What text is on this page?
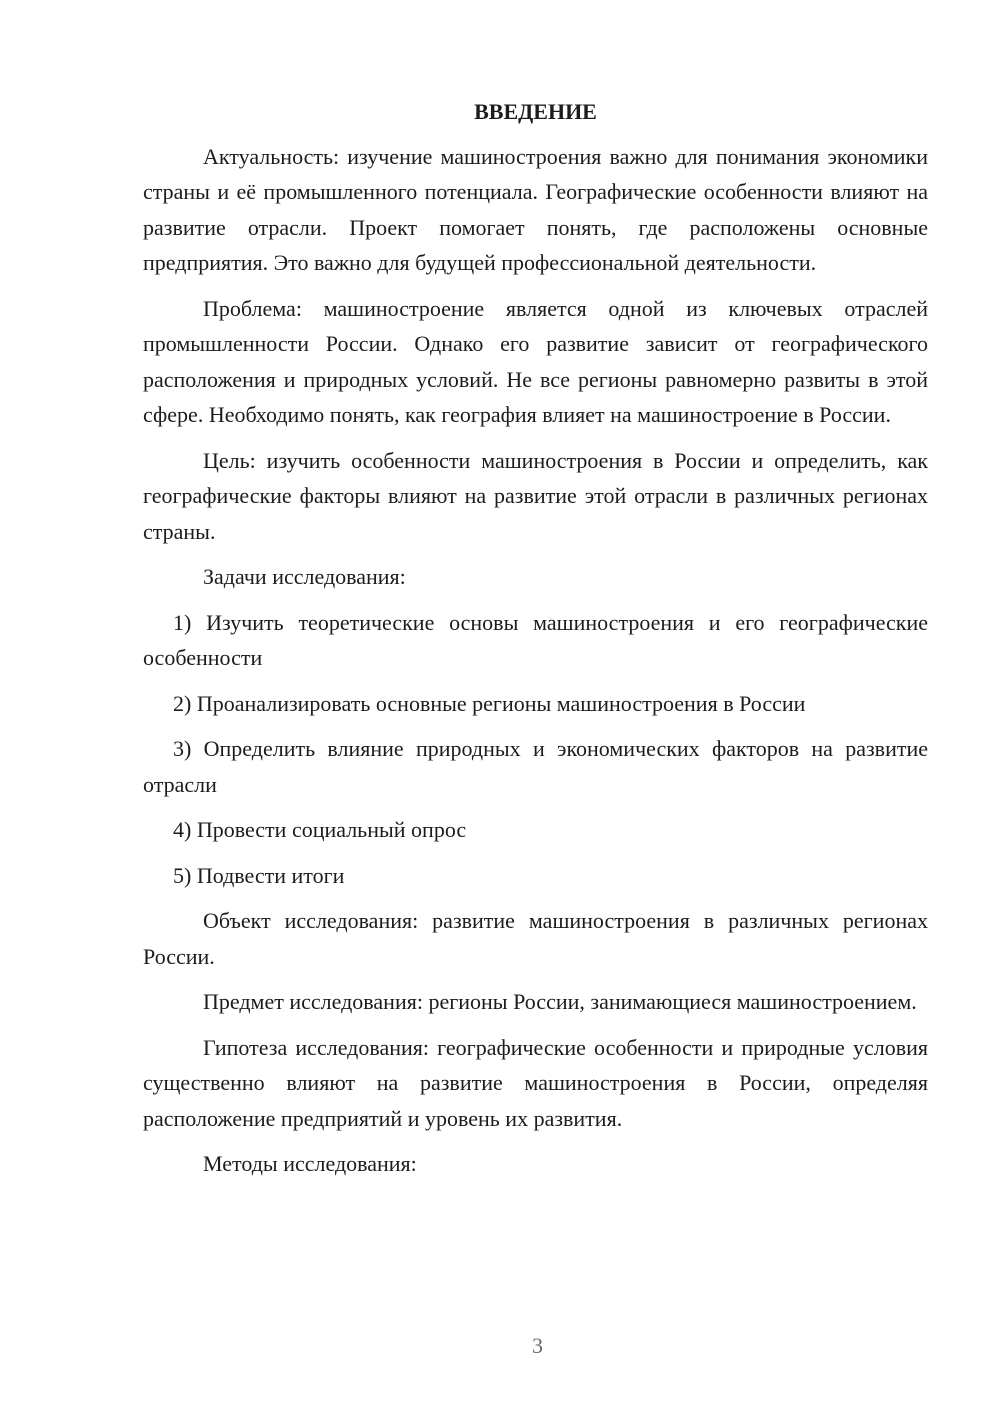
ВВЕДЕНИЕ

Актуальность: изучение машиностроения важно для понимания экономики страны и её промышленного потенциала. Географические особенности влияют на развитие отрасли. Проект помогает понять, где расположены основные предприятия. Это важно для будущей профессиональной деятельности.

Проблема: машиностроение является одной из ключевых отраслей промышленности России. Однако его развитие зависит от географического расположения и природных условий. Не все регионы равномерно развиты в этой сфере. Необходимо понять, как география влияет на машиностроение в России.

Цель: изучить особенности машиностроения в России и определить, как географические факторы влияют на развитие этой отрасли в различных регионах страны.

Задачи исследования:

1) Изучить теоретические основы машиностроения и его географические особенности

2) Проанализировать основные регионы машиностроения в России

3) Определить влияние природных и экономических факторов на развитие отрасли

4) Провести социальный опрос

5) Подвести итоги

Объект исследования: развитие машиностроения в различных регионах России.

Предмет исследования: регионы России, занимающиеся машиностроением.

Гипотеза исследования: географические особенности и природные условия существенно влияют на развитие машиностроения в России, определяя расположение предприятий и уровень их развития.

Методы исследования:

3
